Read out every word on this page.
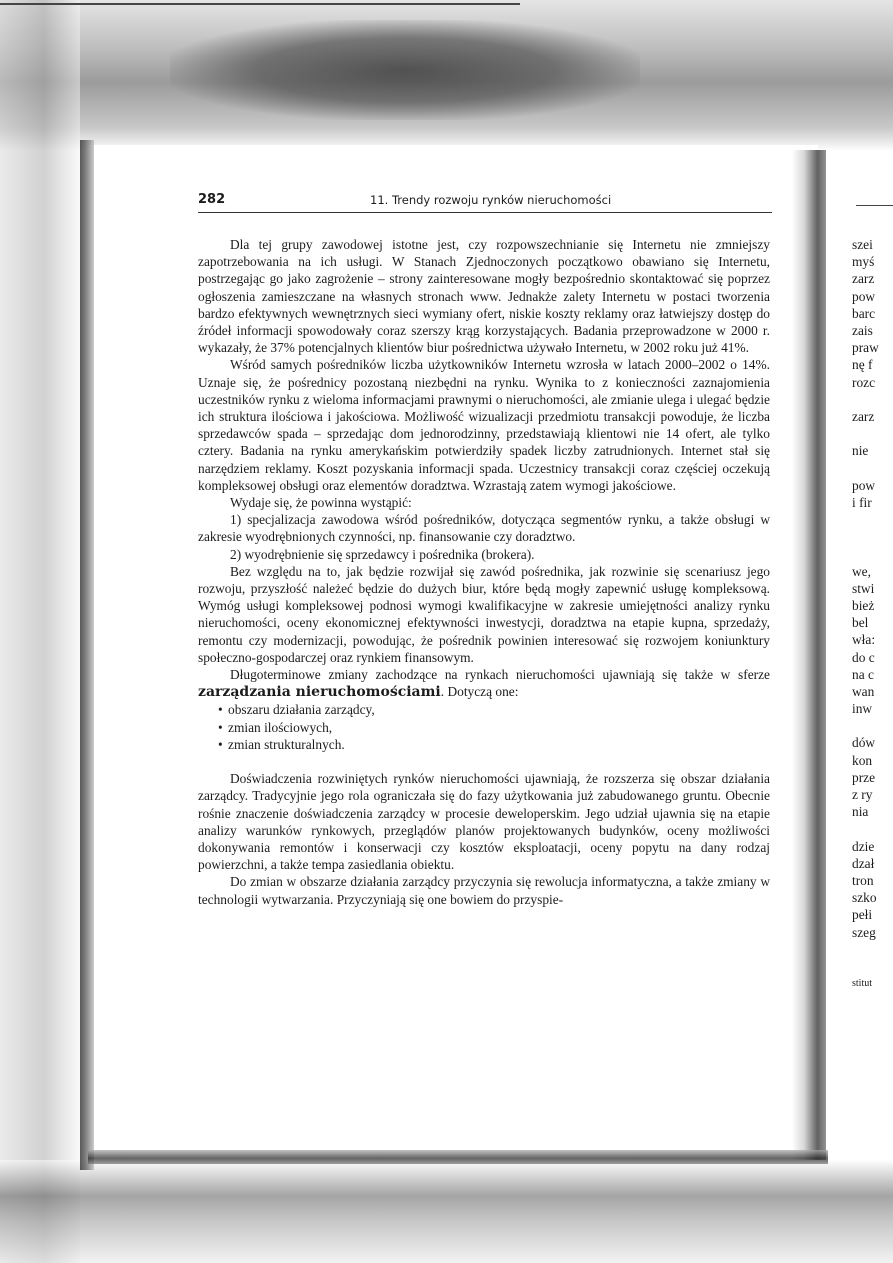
282	11. Trendy rozwoju rynków nieruchomości

Dla tej grupy zawodowej istotne jest, czy rozpowszechnianie się Internetu nie zmniejszy zapotrzebowania na ich usługi. W Stanach Zjednoczonych początkowo obawiano się Internetu, postrzegając go jako zagrożenie – strony zainteresowane mogły bezpośrednio skontaktować się poprzez ogłoszenia zamieszczane na własnych stronach www. Jednakże zalety Internetu w postaci tworzenia bardzo efektywnych wewnętrznych sieci wymiany ofert, niskie koszty reklamy oraz łatwiejszy dostęp do źródeł informacji spowodowały coraz szerszy krąg korzystających. Badania przeprowadzone w 2000 r. wykazały, że 37% potencjalnych klientów biur pośrednictwa używało Internetu, w 2002 roku już 41%.

Wśród samych pośredników liczba użytkowników Internetu wzrosła w latach 2000–2002 o 14%. Uznaje się, że pośrednicy pozostaną niezbędni na rynku. Wynika to z konieczności zaznajomienia uczestników rynku z wieloma informacjami prawnymi o nieruchomości, ale zmianie ulega i ulegać będzie ich struktura ilościowa i jakościowa. Możliwość wizualizacji przedmiotu transakcji powoduje, że liczba sprzedawców spada – sprzedając dom jednorodzinny, przedstawiają klientowi nie 14 ofert, ale tylko cztery. Badania na rynku amerykańskim potwierdziły spadek liczby zatrudnionych. Internet stał się narzędziem reklamy. Koszt pozyskania informacji spada. Uczestnicy transakcji coraz częściej oczekują kompleksowej obsługi oraz elementów doradztwa. Wzrastają zatem wymogi jakościowe.

Wydaje się, że powinna wystąpić:

1) specjalizacja zawodowa wśród pośredników, dotycząca segmentów rynku, a także obsługi w zakresie wyodrębnionych czynności, np. finansowanie czy doradztwo.

2) wyodrębnienie się sprzedawcy i pośrednika (brokera).

Bez względu na to, jak będzie rozwijał się zawód pośrednika, jak rozwinie się scenariusz jego rozwoju, przyszłość należeć będzie do dużych biur, które będą mogły zapewnić usługę kompleksową. Wymóg usługi kompleksowej podnosi wymogi kwalifikacyjne w zakresie umiejętności analizy rynku nieruchomości, oceny ekonomicznej efektywności inwestycji, doradztwa na etapie kupna, sprzedaży, remontu czy modernizacji, powodując, że pośrednik powinien interesować się rozwojem koniunktury społeczno-gospodarczej oraz rynkiem finansowym.

Długoterminowe zmiany zachodzące na rynkach nieruchomości ujawniają się także w sferze zarządzania nieruchomościami. Dotyczą one:

• obszaru działania zarządcy,
• zmian ilościowych,
• zmian strukturalnych.

Doświadczenia rozwiniętych rynków nieruchomości ujawniają, że rozszerza się obszar działania zarządcy. Tradycyjnie jego rola ograniczała się do fazy użytkowania już zabudowanego gruntu. Obecnie rośnie znaczenie doświadczenia zarządcy w procesie deweloperskim. Jego udział ujawnia się na etapie analizy warunków rynkowych, przeglądów planów projektowanych budynków, oceny możliwości dokonywania remontów i konserwacji czy kosztów eksploatacji, oceny popytu na dany rodzaj powierzchni, a także tempa zasiedlania obiektu.

Do zmian w obszarze działania zarządcy przyczynia się rewolucja informatyczna, a także zmiany w technologii wytwarzania. Przyczyniają się one bowiem do przyspie-

szei
myś
zarz
pow
barc
zais
praw
nę f
rozc
zarz
nie
pow
i fir
we,
stwi
bież
bel
wła:
do c
na c
wan
inw
dów
kon
prze
z ry
nia
dzie
dzał
tron
szko
pełi
szeg
stitut
